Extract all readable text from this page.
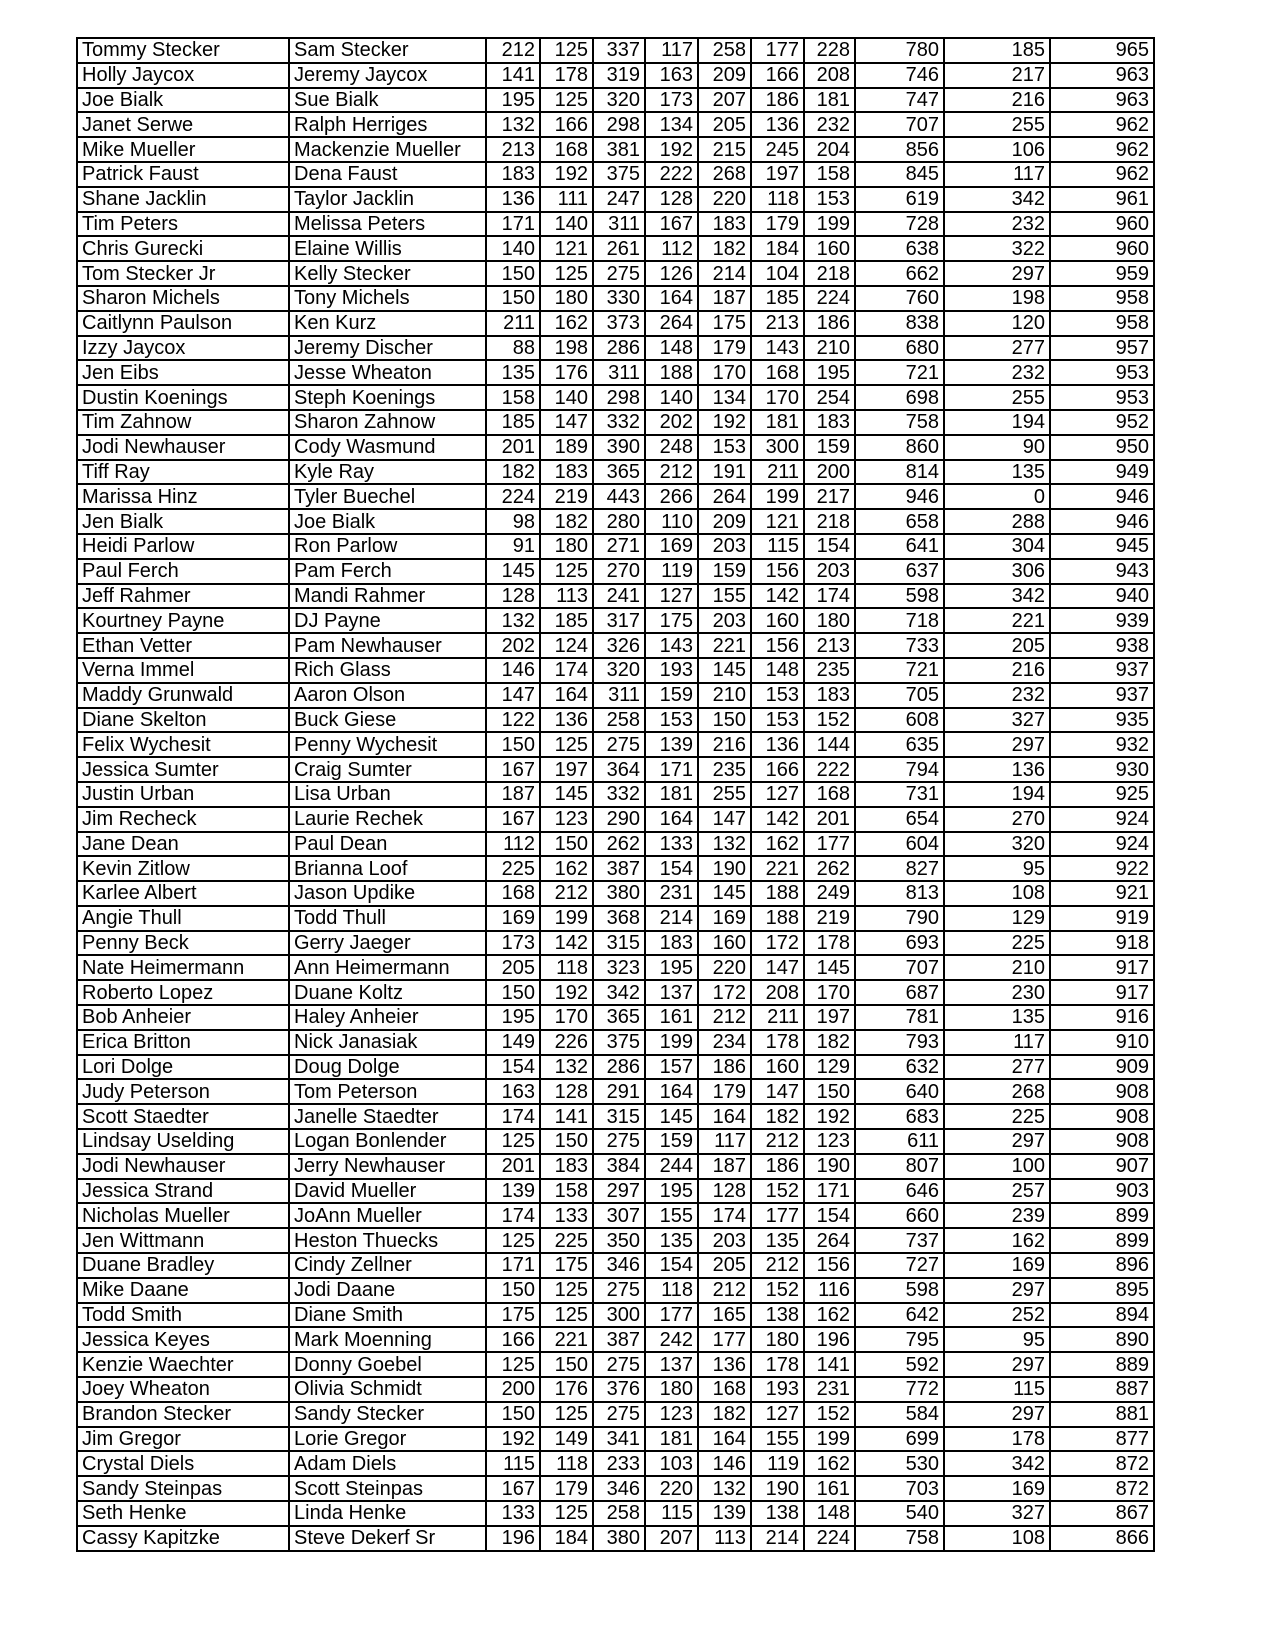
Tommy Stecker	Sam Stecker	212	125	337	117	258	177	228	780	185	965
Holly Jaycox	Jeremy Jaycox	141	178	319	163	209	166	208	746	217	963
Joe Bialk	Sue Bialk	195	125	320	173	207	186	181	747	216	963
Janet Serwe	Ralph Herriges	132	166	298	134	205	136	232	707	255	962
Mike Mueller	Mackenzie Mueller	213	168	381	192	215	245	204	856	106	962
Patrick Faust	Dena Faust	183	192	375	222	268	197	158	845	117	962
Shane Jacklin	Taylor Jacklin	136	111	247	128	220	118	153	619	342	961
Tim Peters	Melissa Peters	171	140	311	167	183	179	199	728	232	960
Chris Gurecki	Elaine Willis	140	121	261	112	182	184	160	638	322	960
Tom Stecker Jr	Kelly Stecker	150	125	275	126	214	104	218	662	297	959
Sharon Michels	Tony Michels	150	180	330	164	187	185	224	760	198	958
Caitlynn Paulson	Ken Kurz	211	162	373	264	175	213	186	838	120	958
Izzy Jaycox	Jeremy Discher	88	198	286	148	179	143	210	680	277	957
Jen Eibs	Jesse Wheaton	135	176	311	188	170	168	195	721	232	953
Dustin Koenings	Steph Koenings	158	140	298	140	134	170	254	698	255	953
Tim Zahnow	Sharon Zahnow	185	147	332	202	192	181	183	758	194	952
Jodi Newhauser	Cody Wasmund	201	189	390	248	153	300	159	860	90	950
Tiff Ray	Kyle Ray	182	183	365	212	191	211	200	814	135	949
Marissa Hinz	Tyler Buechel	224	219	443	266	264	199	217	946	0	946
Jen Bialk	Joe Bialk	98	182	280	110	209	121	218	658	288	946
Heidi Parlow	Ron Parlow	91	180	271	169	203	115	154	641	304	945
Paul Ferch	Pam Ferch	145	125	270	119	159	156	203	637	306	943
Jeff Rahmer	Mandi Rahmer	128	113	241	127	155	142	174	598	342	940
Kourtney Payne	DJ Payne	132	185	317	175	203	160	180	718	221	939
Ethan Vetter	Pam Newhauser	202	124	326	143	221	156	213	733	205	938
Verna Immel	Rich Glass	146	174	320	193	145	148	235	721	216	937
Maddy Grunwald	Aaron Olson	147	164	311	159	210	153	183	705	232	937
Diane Skelton	Buck Giese	122	136	258	153	150	153	152	608	327	935
Felix Wychesit	Penny Wychesit	150	125	275	139	216	136	144	635	297	932
Jessica Sumter	Craig Sumter	167	197	364	171	235	166	222	794	136	930
Justin Urban	Lisa Urban	187	145	332	181	255	127	168	731	194	925
Jim Recheck	Laurie Rechek	167	123	290	164	147	142	201	654	270	924
Jane Dean	Paul Dean	112	150	262	133	132	162	177	604	320	924
Kevin Zitlow	Brianna Loof	225	162	387	154	190	221	262	827	95	922
Karlee Albert	Jason Updike	168	212	380	231	145	188	249	813	108	921
Angie Thull	Todd Thull	169	199	368	214	169	188	219	790	129	919
Penny Beck	Gerry Jaeger	173	142	315	183	160	172	178	693	225	918
Nate Heimermann	Ann Heimermann	205	118	323	195	220	147	145	707	210	917
Roberto Lopez	Duane Koltz	150	192	342	137	172	208	170	687	230	917
Bob Anheier	Haley Anheier	195	170	365	161	212	211	197	781	135	916
Erica Britton	Nick Janasiak	149	226	375	199	234	178	182	793	117	910
Lori Dolge	Doug Dolge	154	132	286	157	186	160	129	632	277	909
Judy Peterson	Tom Peterson	163	128	291	164	179	147	150	640	268	908
Scott Staedter	Janelle Staedter	174	141	315	145	164	182	192	683	225	908
Lindsay Uselding	Logan Bonlender	125	150	275	159	117	212	123	611	297	908
Jodi Newhauser	Jerry Newhauser	201	183	384	244	187	186	190	807	100	907
Jessica Strand	David Mueller	139	158	297	195	128	152	171	646	257	903
Nicholas Mueller	JoAnn Mueller	174	133	307	155	174	177	154	660	239	899
Jen Wittmann	Heston Thuecks	125	225	350	135	203	135	264	737	162	899
Duane Bradley	Cindy Zellner	171	175	346	154	205	212	156	727	169	896
Mike Daane	Jodi Daane	150	125	275	118	212	152	116	598	297	895
Todd Smith	Diane Smith	175	125	300	177	165	138	162	642	252	894
Jessica Keyes	Mark Moenning	166	221	387	242	177	180	196	795	95	890
Kenzie Waechter	Donny Goebel	125	150	275	137	136	178	141	592	297	889
Joey Wheaton	Olivia Schmidt	200	176	376	180	168	193	231	772	115	887
Brandon Stecker	Sandy Stecker	150	125	275	123	182	127	152	584	297	881
Jim Gregor	Lorie Gregor	192	149	341	181	164	155	199	699	178	877
Crystal Diels	Adam Diels	115	118	233	103	146	119	162	530	342	872
Sandy Steinpas	Scott Steinpas	167	179	346	220	132	190	161	703	169	872
Seth Henke	Linda Henke	133	125	258	115	139	138	148	540	327	867
Cassy Kapitzke	Steve Dekerf Sr	196	184	380	207	113	214	224	758	108	866
